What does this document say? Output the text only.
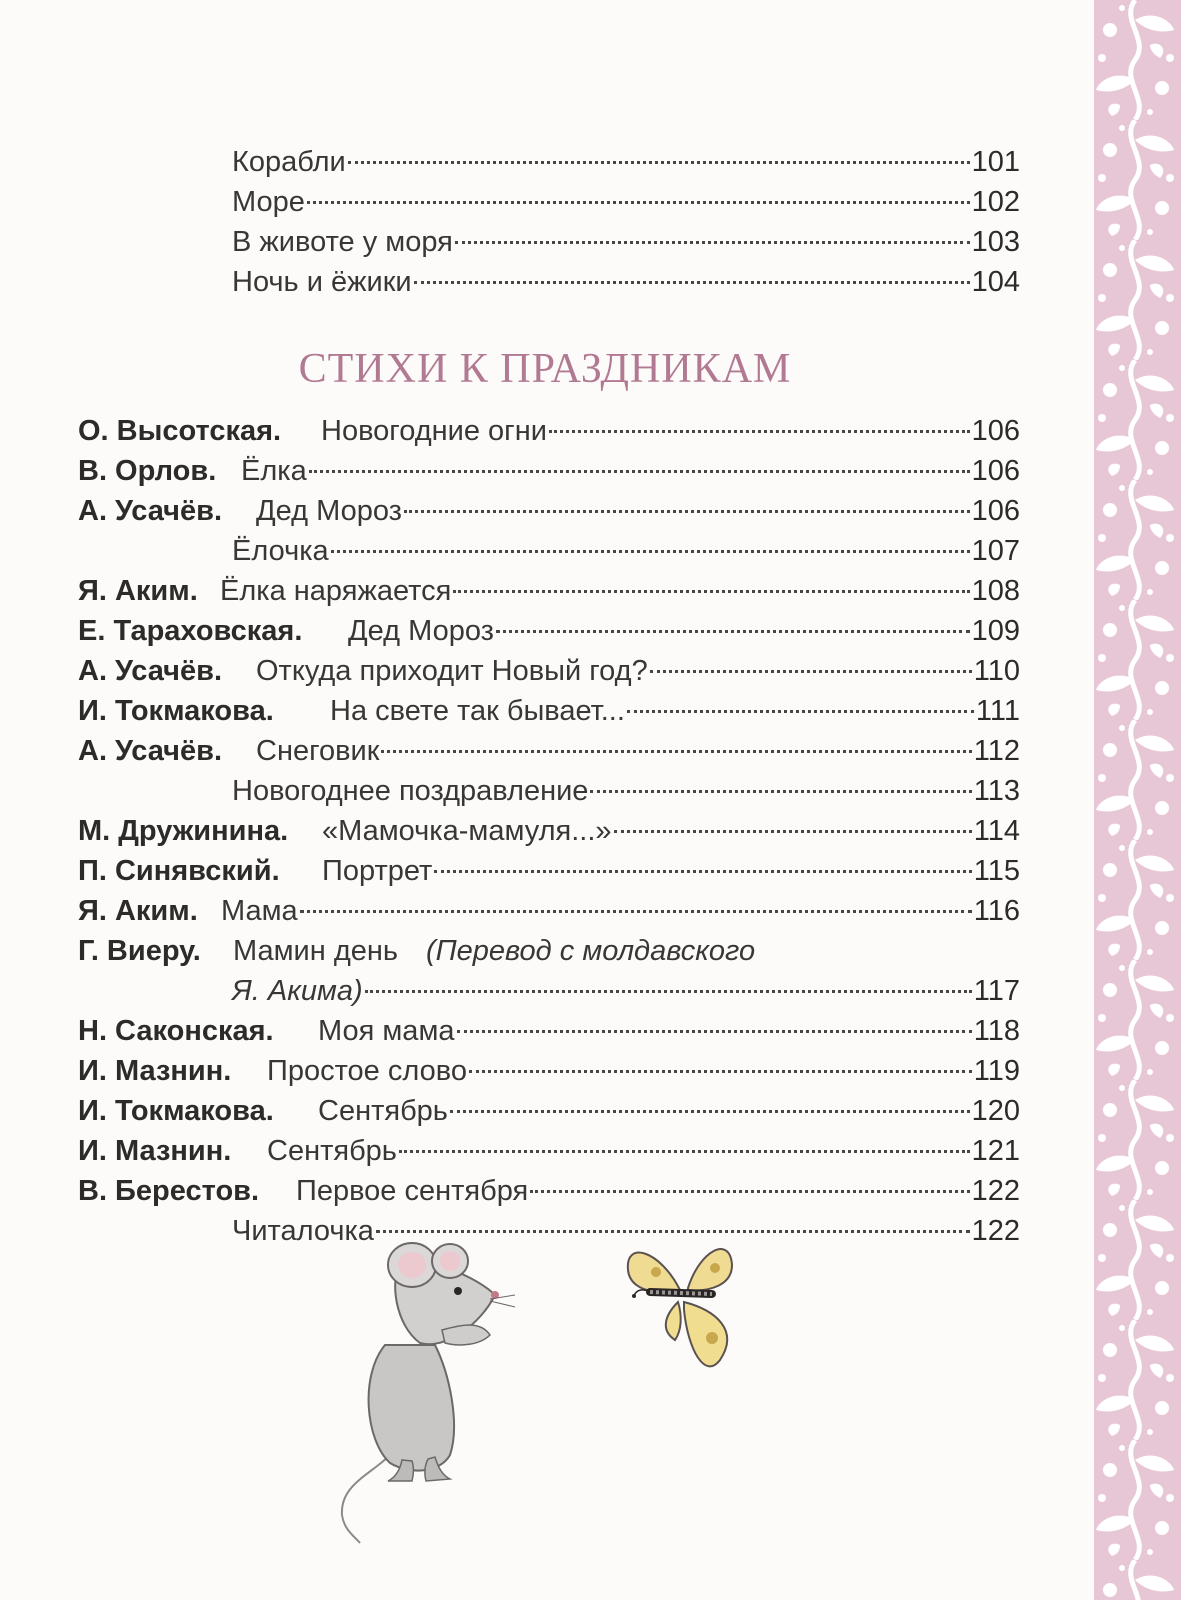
Корабли	101
Море	102
В животе у моря	103
Ночь и ёжики	104
СТИХИ К ПРАЗДНИКАМ
О. Высотская. Новогодние огни	106
В. Орлов. Ёлка	106
А. Усачёв. Дед Мороз	106
Ёлочка	107
Я. Аким. Ёлка наряжается	108
Е. Тараховская. Дед Мороз	109
А. Усачёв. Откуда приходит Новый год?	110
И. Токмакова. На свете так бывает...	111
А. Усачёв. Снеговик	112
Новогоднее поздравление	113
М. Дружинина. «Мамочка-мамуля...»	114
П. Синявский. Портрет	115
Я. Аким. Мама	116
Г. Виеру. Мамин день (Перевод с молдавского
Я. Акима)	117
Н. Саконская. Моя мама	118
И. Мазнин. Простое слово	119
И. Токмакова. Сентябрь	120
И. Мазнин. Сентябрь	121
В. Берестов. Первое сентября	122
Читалочка	122
